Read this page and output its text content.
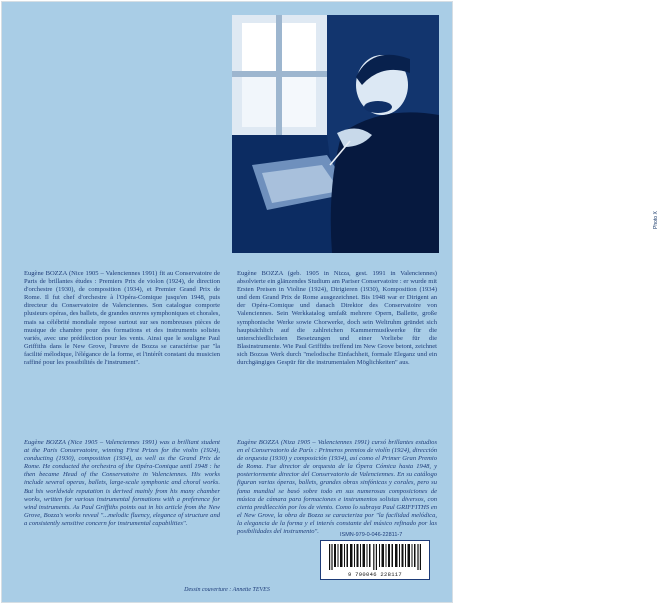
Photo X

Eugène BOZZA (Nice 1905 – Valenciennes 1991) fit au Conservatoire de Paris de brillantes études : Premiers Prix de violon (1924), de direction d'orchestre (1930), de composition (1934), et Premier Grand Prix de Rome. Il fut chef d'orchestre à l'Opéra-Comique jusqu'en 1948, puis directeur du Conservatoire de Valenciennes. Son catalogue comporte plusieurs opéras, des ballets, de grandes œuvres symphoniques et chorales, mais sa célébrité mondiale repose surtout sur ses nombreuses pièces de musique de chambre pour des formations et des instruments solistes variés, avec une prédilection pour les vents. Ainsi que le souligne Paul Griffiths dans le New Grove, l'œuvre de Bozza se caractérise par "la facilité mélodique, l'élégance de la forme, et l'intérêt constant du musicien raffiné pour les possibilités de l'instrument".

Eugène BOZZA (geb. 1905 in Nizza, gest. 1991 in Valenciennes) absolvierte ein glänzendes Studium am Pariser Conservatoire : er wurde mit Ersten Preisen in Violine (1924), Dirigieren (1930), Komposition (1934) und dem Grand Prix de Rome ausgezeichnet. Bis 1948 war er Dirigent an der Opéra-Comique und danach Direktor des Conservatoire von Valenciennes. Sein Werkkatalog umfaßt mehrere Opern, Ballette, große symphonische Werke sowie Chorwerke, doch sein Weltruhm gründet sich hauptsächlich auf die zahlreichen Kammermusikwerke für die unterschiedlichsten Besetzungen und einer Vorliebe für die Blasinstrumente. Wie Paul Griffiths treffend im New Grove betont, zeichnet sich Bozzas Werk durch "melodische Einfachheit, formale Eleganz und ein durchgängiges Gespür für die instrumentalen Möglichkeiten" aus.

Eugène BOZZA (Nice 1905 – Valenciennes 1991) was a brilliant student at the Paris Conservatoire, winning First Prizes for the violin (1924), conducting (1930), composition (1934), as well as the Grand Prix de Rome. He conducted the orchestra of the Opéra-Comique until 1948 : he then became Head of the Conservatoire in Valenciennes. His works include several operas, ballets, large-scale symphonic and choral works. But his worldwide reputation is derived mainly from his many chamber works, written for various instrumental formations with a preference for wind instruments. As Paul Griffiths points out in his article from the New Grove, Bozza's works reveal "...melodic fluency, elegance of structure and a consistently sensitive concern for instrumental capabilities".

Eugène BOZZA (Niza 1905 – Valenciennes 1991) cursó brillantes estudios en el Conservatorio de París : Primeros premios de violín (1924), dirección de orquesta (1930) y composición (1934), así como el Primer Gran Premio de Roma. Fue director de orquesta de la Ópera Cómica hasta 1948, y posteriormente director del Conservatorio de Valenciennes. En su catálogo figuran varias óperas, ballets, grandes obras sinfónicas y corales, pero su fama mundial se basó sobre todo en sus numerosas composiciones de música de cámara para formaciones e instrumentos solistas diversos, con cierta predilección por los de viento. Como lo subraya Paul GRIFFITHS en el New Grove, la obra de Bozza se caracteriza por "la facilidad melódica, la elegancia de la forma y el interés constante del músico refinado por las posibilidades del instrumento".	ISMN-979-0-046-22811-7
9 790046 228117
Dessin couverture : Annette TEVES
